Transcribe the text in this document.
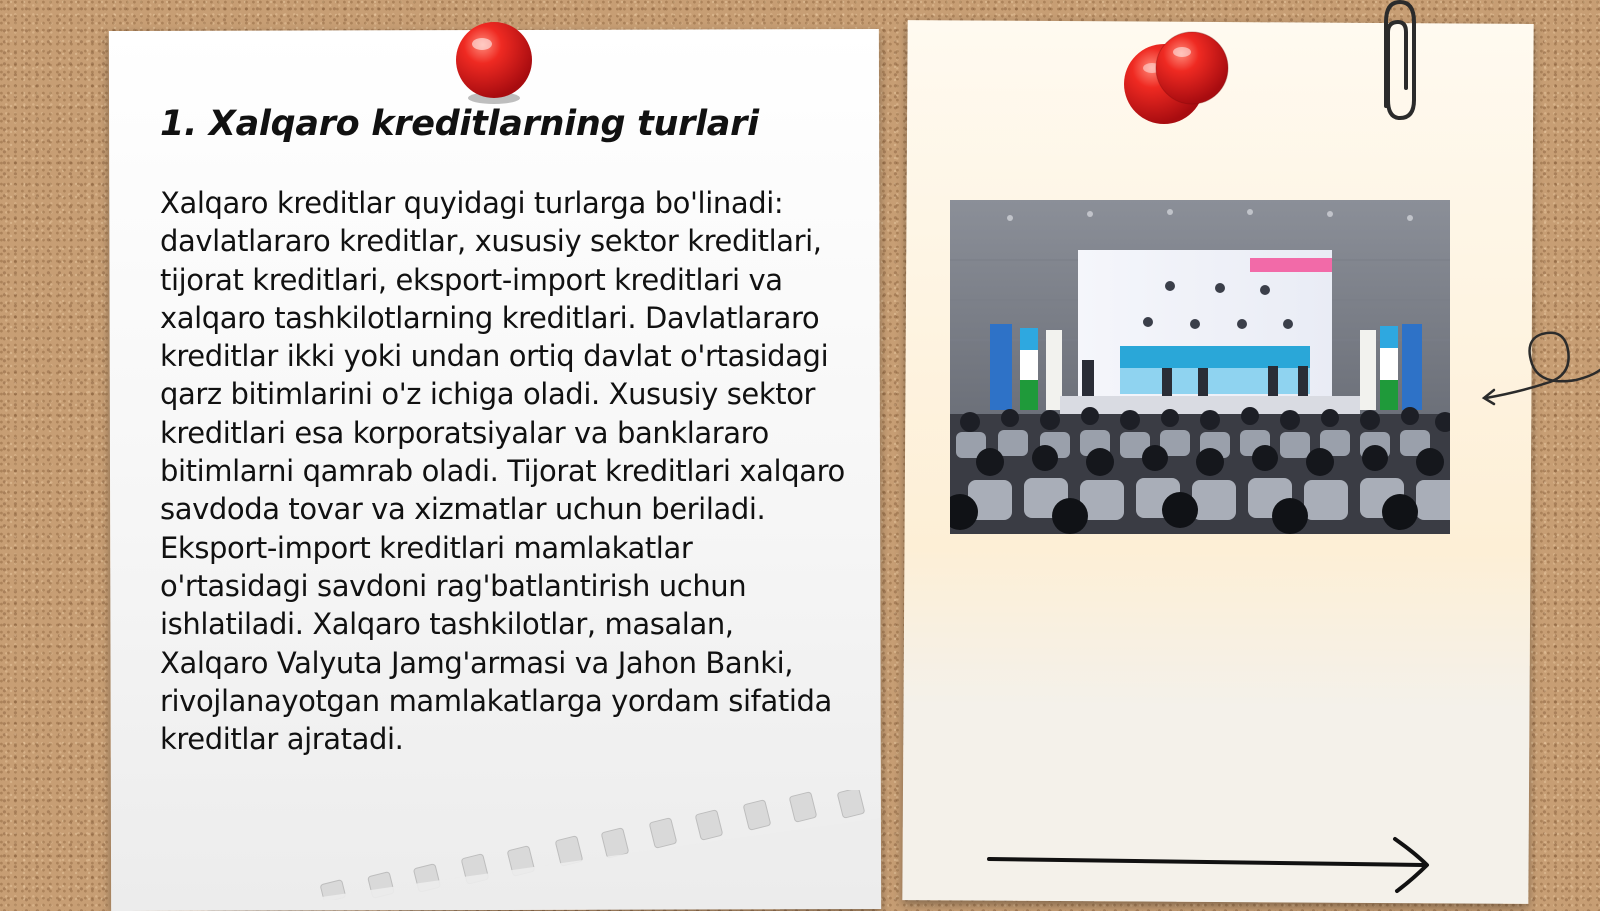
1. Xalqaro kreditlarning turlari

Xalqaro kreditlar quyidagi turlarga bo'linadi: davlatlararo kreditlar, xususiy sektor kreditlari, tijorat kreditlari, eksport-import kreditlari va xalqaro tashkilotlarning kreditlari. Davlatlararo kreditlar ikki yoki undan ortiq davlat o'rtasidagi qarz bitimlarini o'z ichiga oladi. Xususiy sektor kreditlari esa korporatsiyalar va banklararo bitimlarni qamrab oladi. Tijorat kreditlari xalqaro savdoda tovar va xizmatlar uchun beriladi. Eksport-import kreditlari mamlakatlar o'rtasidagi savdoni rag'batlantirish uchun ishlatiladi. Xalqaro tashkilotlar, masalan, Xalqaro Valyuta Jamg'armasi va Jahon Banki, rivojlanayotgan mamlakatlarga yordam sifatida kreditlar ajratadi.
